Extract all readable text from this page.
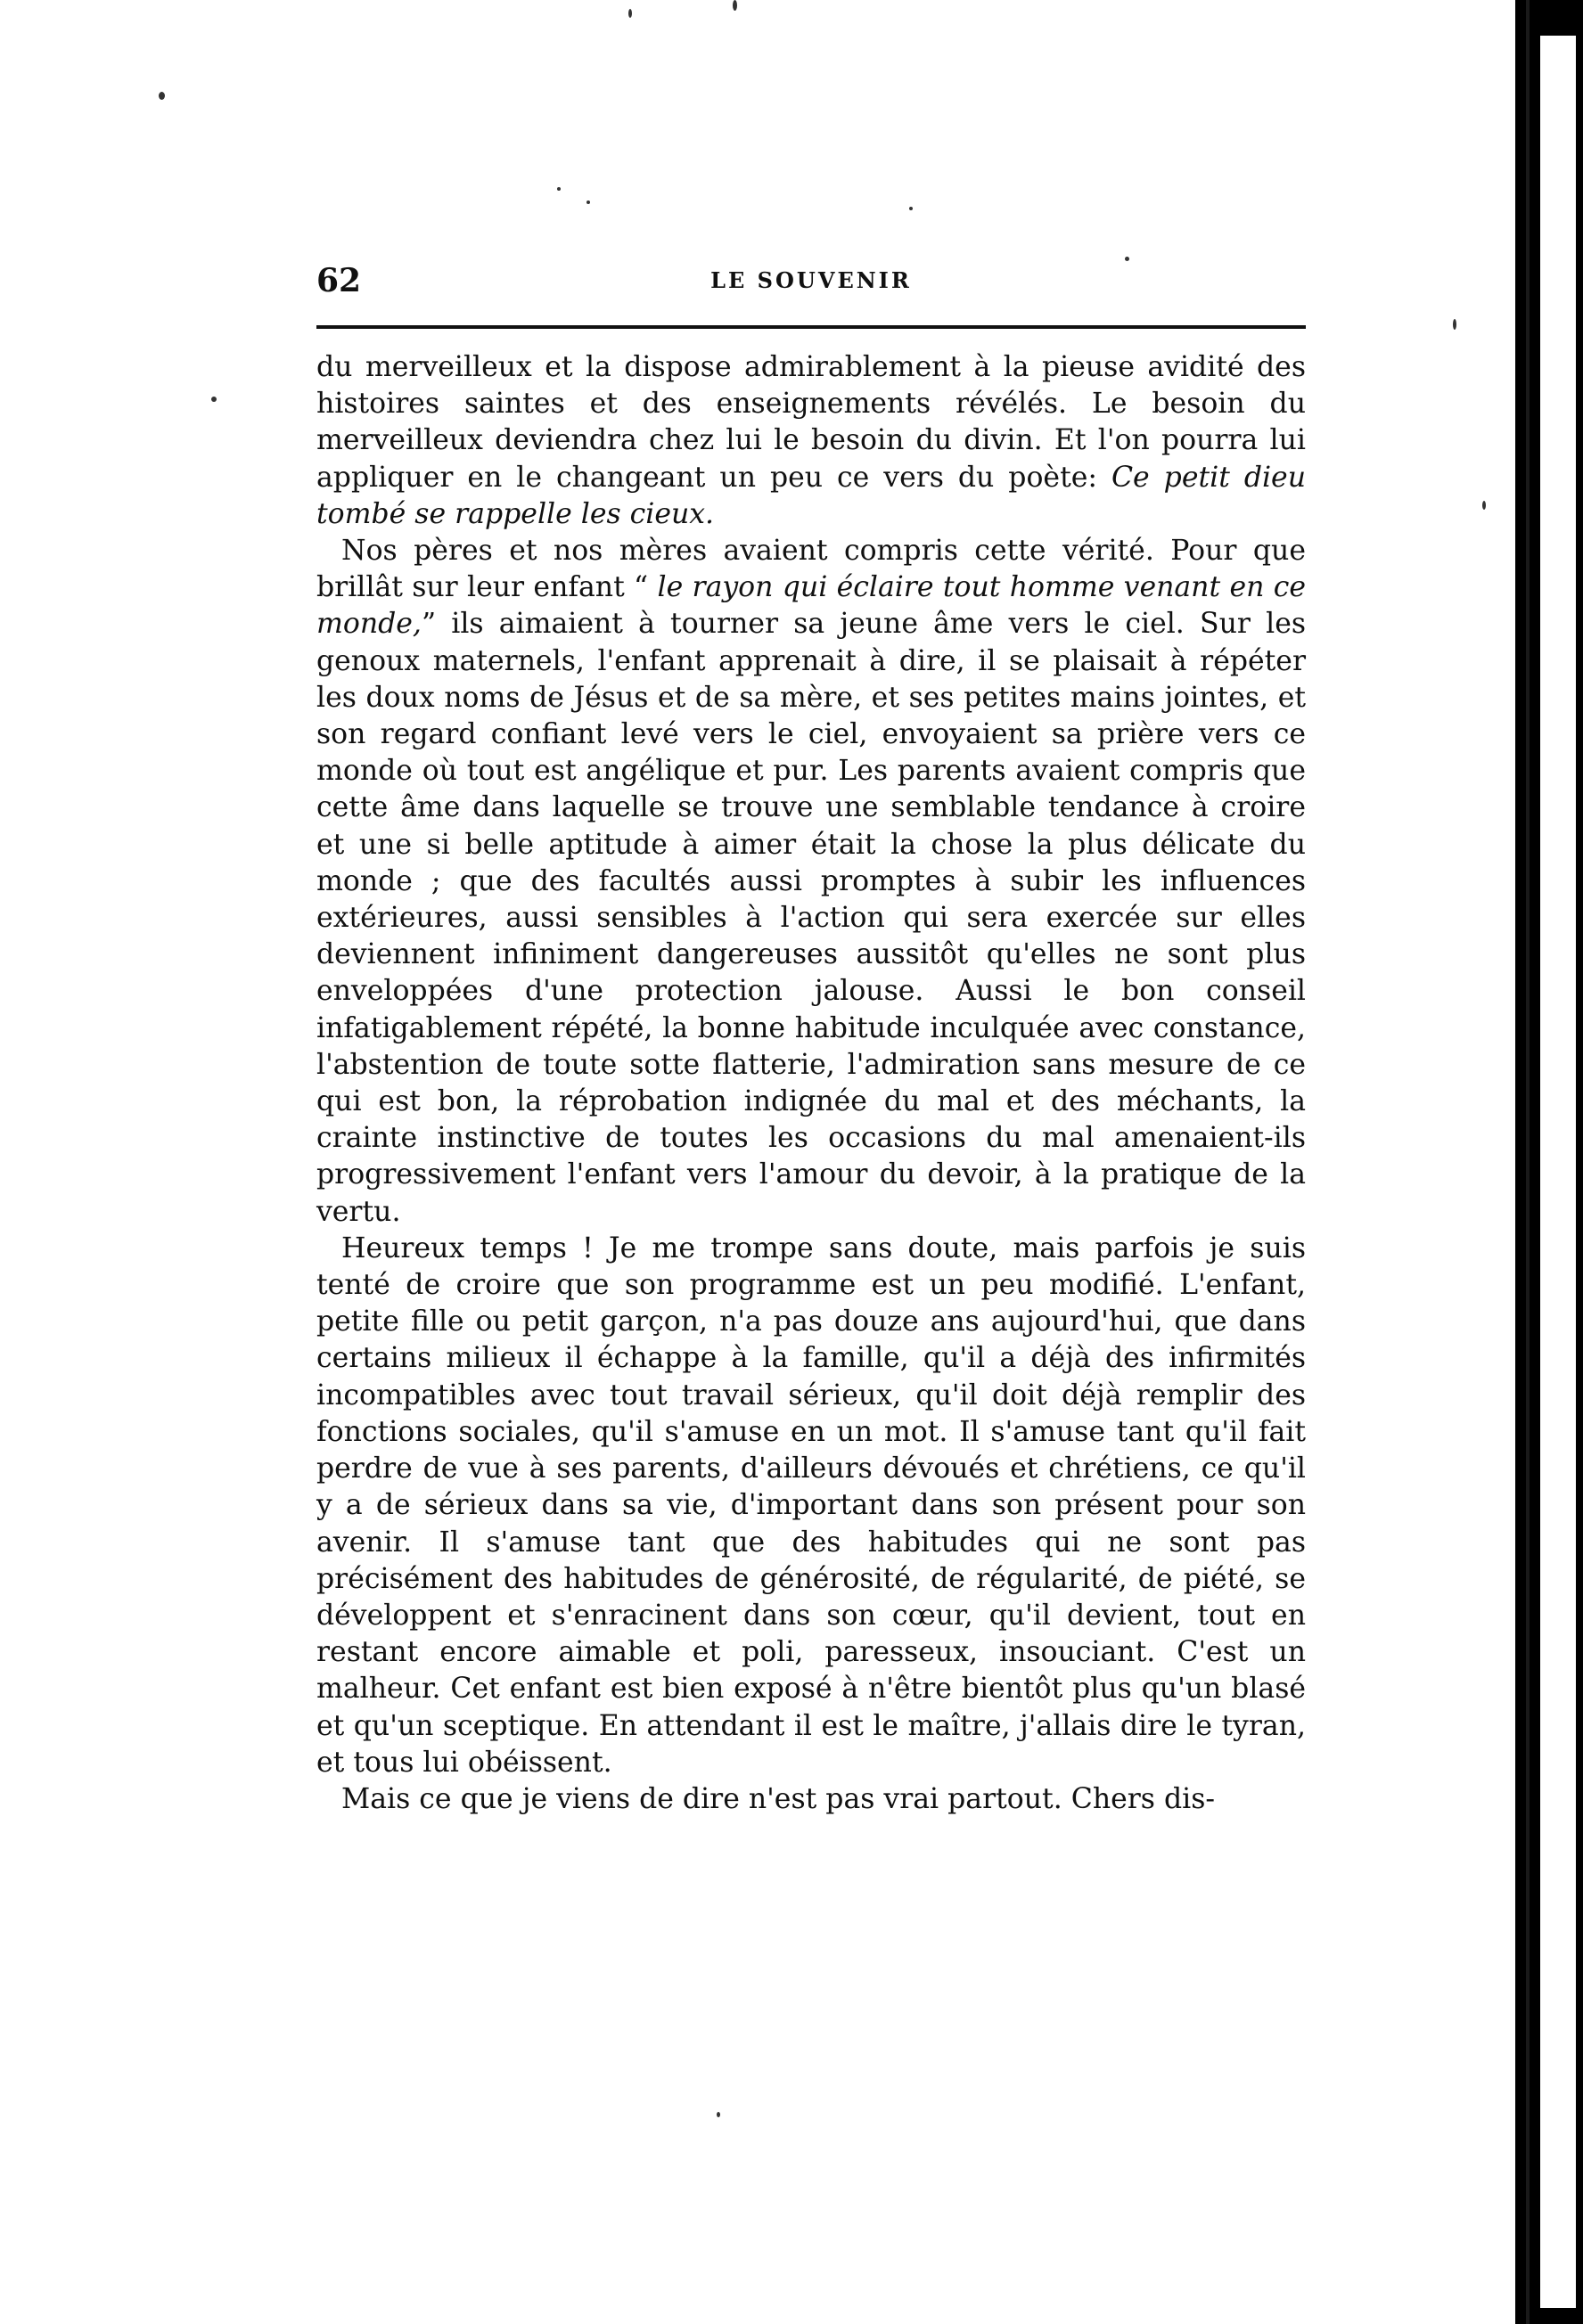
62	LE SOUVENIR

du merveilleux et la dispose admirablement à la pieuse avidité des histoires saintes et des enseignements révélés. Le besoin du merveilleux deviendra chez lui le besoin du divin. Et l'on pourra lui appliquer en le changeant un peu ce vers du poète: Ce petit dieu tombé se rappelle les cieux.

Nos pères et nos mères avaient compris cette vérité. Pour que brillât sur leur enfant “ le rayon qui éclaire tout homme venant en ce monde,” ils aimaient à tourner sa jeune âme vers le ciel. Sur les genoux maternels, l'enfant apprenait à dire, il se plaisait à répéter les doux noms de Jésus et de sa mère, et ses petites mains jointes, et son regard confiant levé vers le ciel, envoyaient sa prière vers ce monde où tout est angélique et pur. Les parents avaient compris que cette âme dans laquelle se trouve une semblable tendance à croire et une si belle aptitude à aimer était la chose la plus délicate du monde ; que des facultés aussi promptes à subir les influences extérieures, aussi sensibles à l'action qui sera exercée sur elles deviennent infiniment dangereuses aussitôt qu'elles ne sont plus enveloppées d'une protection jalouse. Aussi le bon conseil infatigablement répété, la bonne habitude inculquée avec constance, l'abstention de toute sotte flatterie, l'admiration sans mesure de ce qui est bon, la réprobation indignée du mal et des méchants, la crainte instinctive de toutes les occasions du mal amenaient-ils progressivement l'enfant vers l'amour du devoir, à la pratique de la vertu.

Heureux temps ! Je me trompe sans doute, mais parfois je suis tenté de croire que son programme est un peu modifié. L'enfant, petite fille ou petit garçon, n'a pas douze ans aujourd'hui, que dans certains milieux il échappe à la famille, qu'il a déjà des infirmités incompatibles avec tout travail sérieux, qu'il doit déjà remplir des fonctions sociales, qu'il s'amuse en un mot. Il s'amuse tant qu'il fait perdre de vue à ses parents, d'ailleurs dévoués et chrétiens, ce qu'il y a de sérieux dans sa vie, d'important dans son présent pour son avenir. Il s'amuse tant que des habitudes qui ne sont pas précisément des habitudes de générosité, de régularité, de piété, se développent et s'enracinent dans son cœur, qu'il devient, tout en restant encore aimable et poli, paresseux, insouciant. C'est un malheur. Cet enfant est bien exposé à n'être bientôt plus qu'un blasé et qu'un sceptique. En attendant il est le maître, j'allais dire le tyran, et tous lui obéissent.

Mais ce que je viens de dire n'est pas vrai partout. Chers dis-
